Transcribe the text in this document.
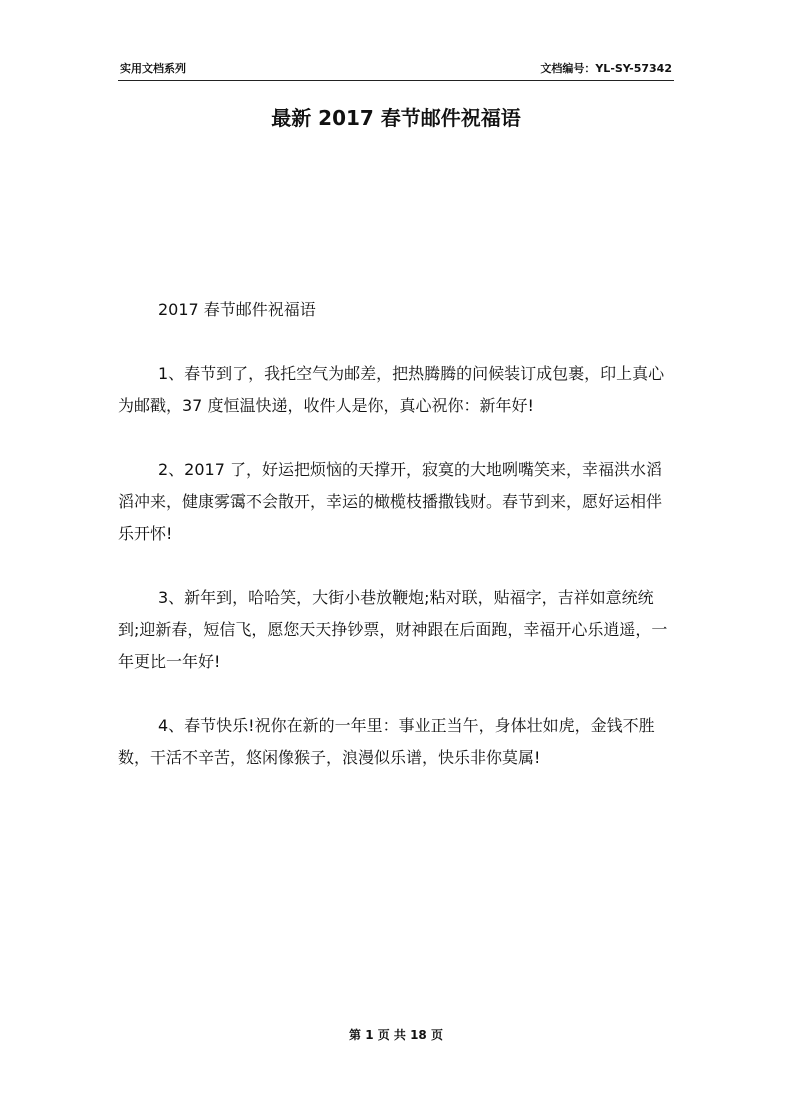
实用文档系列	文档编号：YL-SY-57342
最新 2017 春节邮件祝福语

2017 春节邮件祝福语

1、春节到了，我托空气为邮差，把热腾腾的问候装订成包裹，印上真心为邮戳，37 度恒温快递，收件人是你，真心祝你：新年好!

2、2017 了，好运把烦恼的天撑开，寂寞的大地咧嘴笑来，幸福洪水滔滔冲来，健康雾霭不会散开，幸运的橄榄枝播撒钱财。春节到来，愿好运相伴乐开怀!

3、新年到，哈哈笑，大街小巷放鞭炮;粘对联，贴福字，吉祥如意统统到;迎新春，短信飞，愿您天天挣钞票，财神跟在后面跑，幸福开心乐逍遥，一年更比一年好!

4、春节快乐!祝你在新的一年里：事业正当午，身体壮如虎，金钱不胜数，干活不辛苦，悠闲像猴子，浪漫似乐谱，快乐非你莫属!

第 1 页 共 18 页
